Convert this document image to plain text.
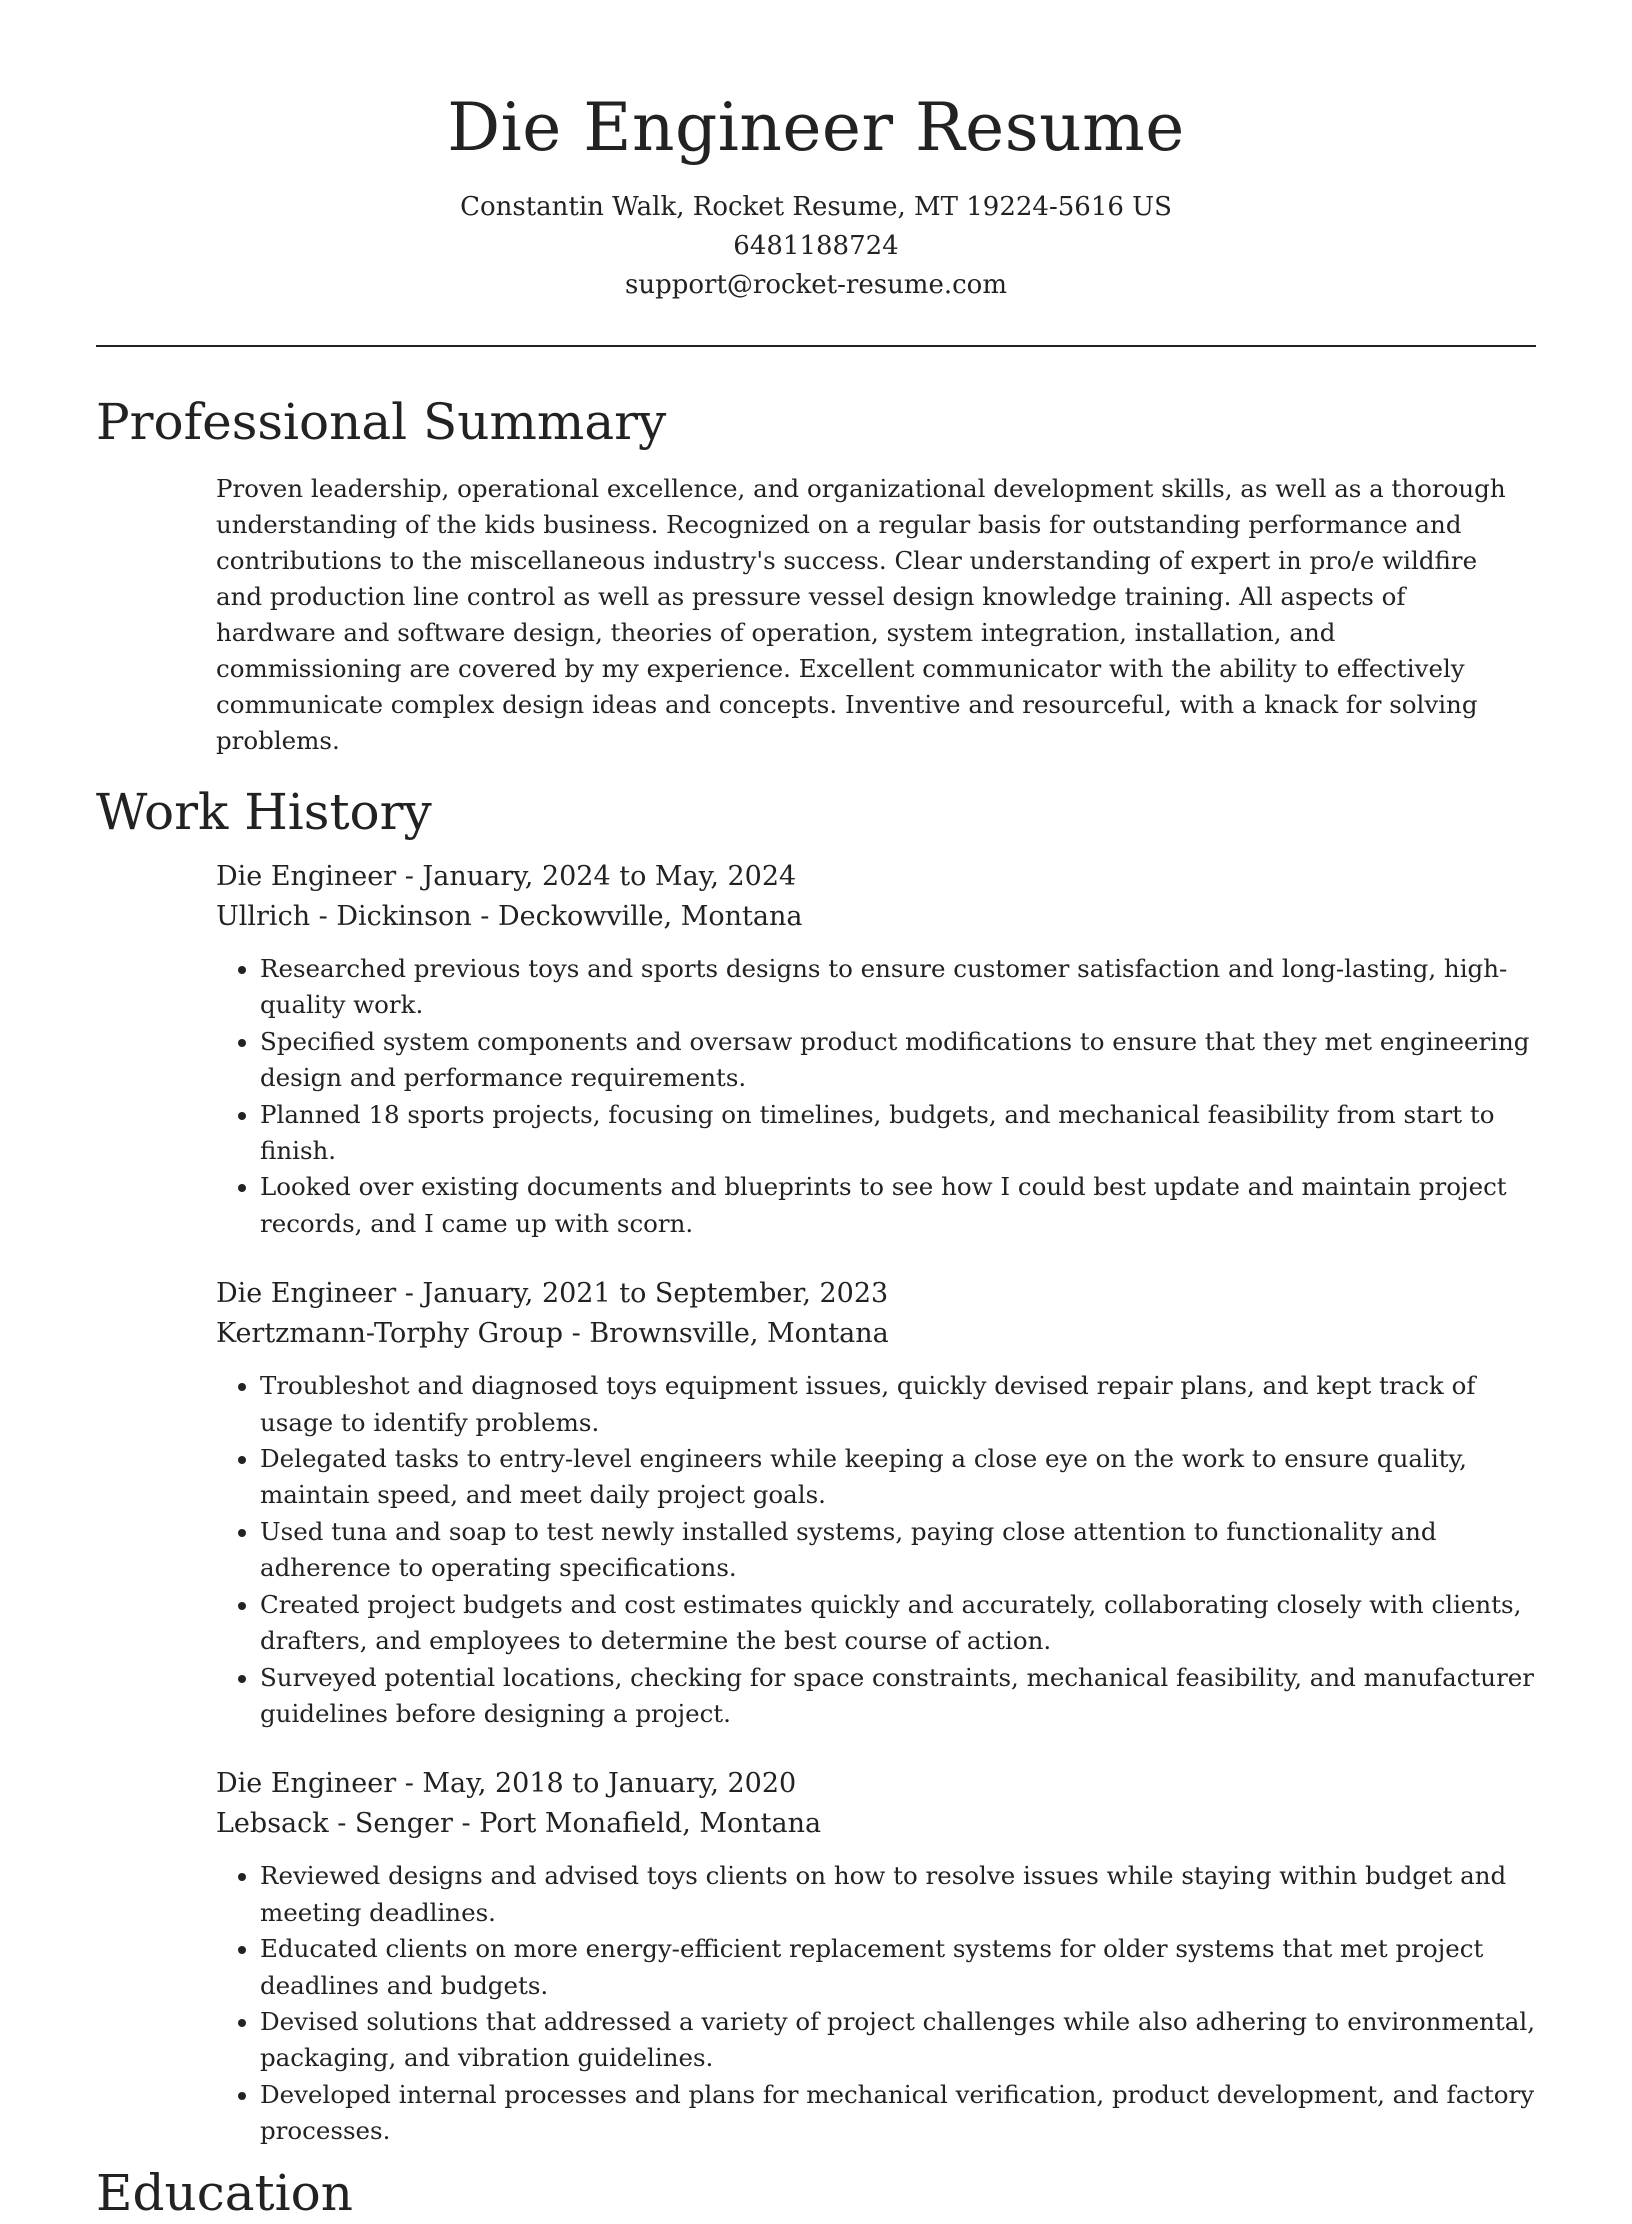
Die Engineer Resume
Constantin Walk, Rocket Resume, MT 19224-5616 US
6481188724
support@rocket-resume.com
Professional Summary

Proven leadership, operational excellence, and organizational development skills, as well as a thorough understanding of the kids business. Recognized on a regular basis for outstanding performance and contributions to the miscellaneous industry's success. Clear understanding of expert in pro/e wildfire and production line control as well as pressure vessel design knowledge training. All aspects of hardware and software design, theories of operation, system integration, installation, and commissioning are covered by my experience. Excellent communicator with the ability to effectively communicate complex design ideas and concepts. Inventive and resourceful, with a knack for solving problems.

Work History
Die Engineer - January, 2024 to May, 2024
Ullrich - Dickinson - Deckowville, Montana
• Researched previous toys and sports designs to ensure customer satisfaction and long-lasting, high-quality work.
• Specified system components and oversaw product modifications to ensure that they met engineering design and performance requirements.
• Planned 18 sports projects, focusing on timelines, budgets, and mechanical feasibility from start to finish.
• Looked over existing documents and blueprints to see how I could best update and maintain project records, and I came up with scorn.
Die Engineer - January, 2021 to September, 2023
Kertzmann-Torphy Group - Brownsville, Montana
• Troubleshot and diagnosed toys equipment issues, quickly devised repair plans, and kept track of usage to identify problems.
• Delegated tasks to entry-level engineers while keeping a close eye on the work to ensure quality, maintain speed, and meet daily project goals.
• Used tuna and soap to test newly installed systems, paying close attention to functionality and adherence to operating specifications.
• Created project budgets and cost estimates quickly and accurately, collaborating closely with clients, drafters, and employees to determine the best course of action.
• Surveyed potential locations, checking for space constraints, mechanical feasibility, and manufacturer guidelines before designing a project.
Die Engineer - May, 2018 to January, 2020
Lebsack - Senger - Port Monafield, Montana
• Reviewed designs and advised toys clients on how to resolve issues while staying within budget and meeting deadlines.
• Educated clients on more energy-efficient replacement systems for older systems that met project deadlines and budgets.
• Devised solutions that addressed a variety of project challenges while also adhering to environmental, packaging, and vibration guidelines.
• Developed internal processes and plans for mechanical verification, product development, and factory processes.
Education
